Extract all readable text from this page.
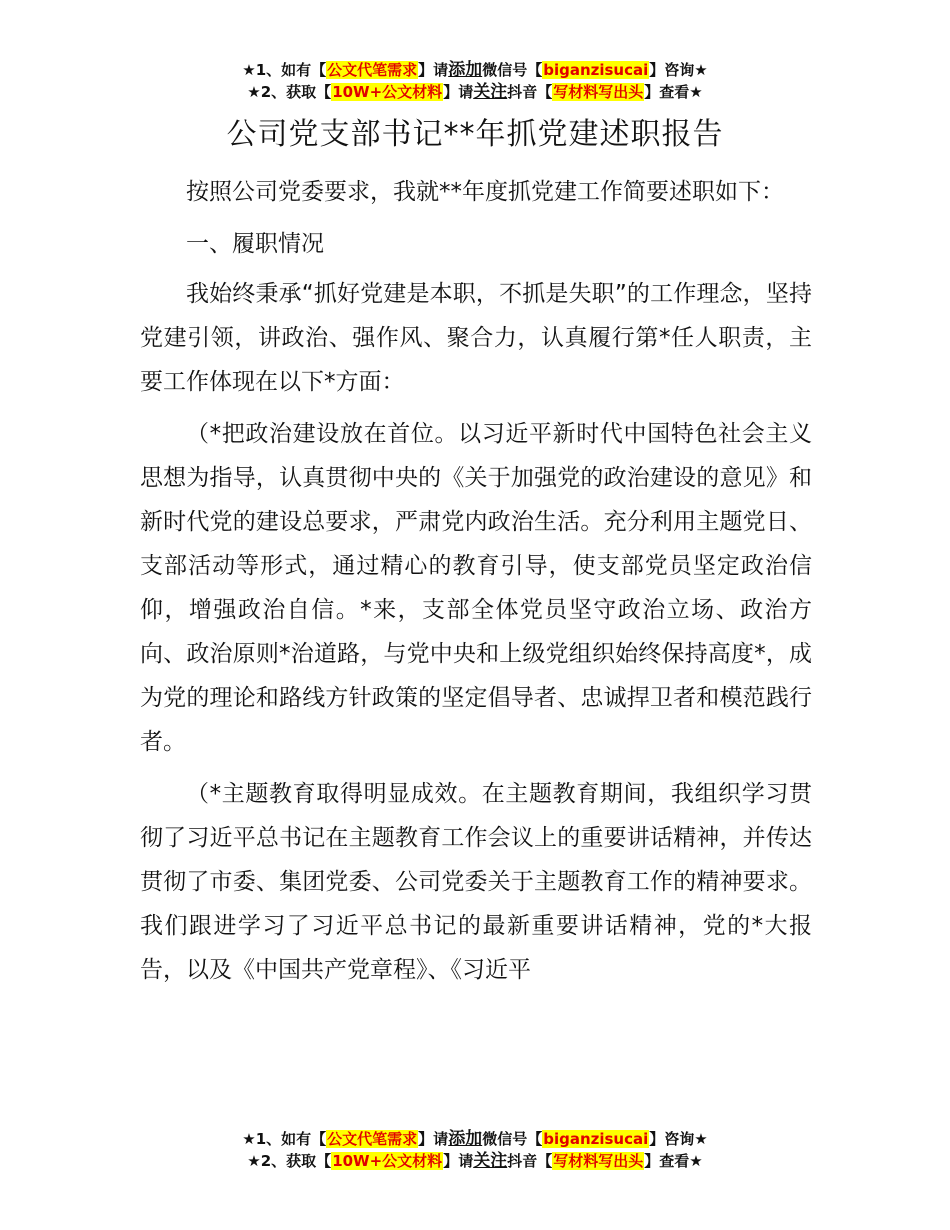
★1、如有【公文代笔需求】请添加微信号【biganzisucai】咨询★
★2、获取【10W+公文材料】请关注抖音【写材料写出头】查看★
公司党支部书记**年抓党建述职报告

按照公司党委要求，我就**年度抓党建工作简要述职如下：

一、履职情况

我始终秉承“抓好党建是本职，不抓是失职”的工作理念，坚持党建引领，讲政治、强作风、聚合力，认真履行第*任人职责，主要工作体现在以下*方面：

（*把政治建设放在首位。以习近平新时代中国特色社会主义思想为指导，认真贯彻中央的《关于加强党的政治建设的意见》和新时代党的建设总要求，严肃党内政治生活。充分利用主题党日、支部活动等形式，通过精心的教育引导，使支部党员坚定政治信仰，增强政治自信。*来，支部全体党员坚守政治立场、政治方向、政治原则*治道路，与党中央和上级党组织始终保持高度*，成为党的理论和路线方针政策的坚定倡导者、忠诚捍卫者和模范践行者。

（*主题教育取得明显成效。在主题教育期间，我组织学习贯彻了习近平总书记在主题教育工作会议上的重要讲话精神，并传达贯彻了市委、集团党委、公司党委关于主题教育工作的精神要求。我们跟进学习了习近平总书记的最新重要讲话精神，党的*大报告，以及《中国共产党章程》、《习近平

★1、如有【公文代笔需求】请添加微信号【biganzisucai】咨询★
★2、获取【10W+公文材料】请关注抖音【写材料写出头】查看★
